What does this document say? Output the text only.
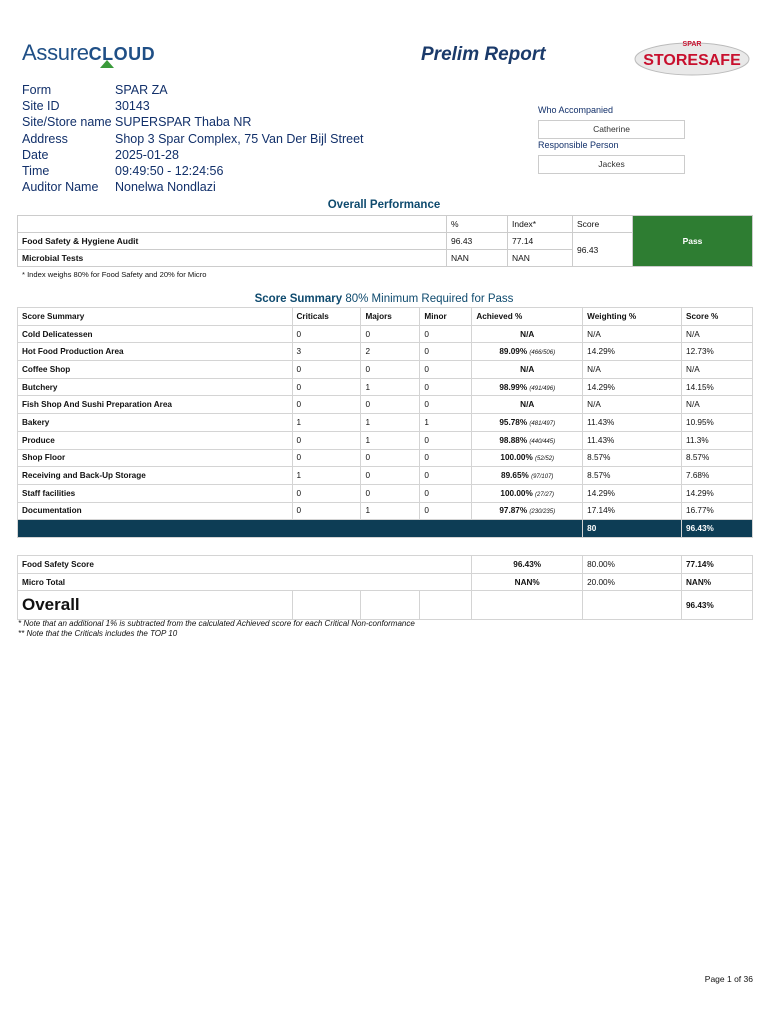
AssureCLOUD	Prelim Report	SPAR
STORESAFE
Form	SPAR ZA
Site ID	30143
Site/Store name	SUPERSPAR Thaba NR
Address	Shop 3 Spar Complex, 75 Van Der Bijl Street
Date	2025-01-28
Time	09:49:50 - 12:24:56
Auditor Name	Nonelwa Nondlazi
Who Accompanied
Catherine
Responsible Person
Jackes
Overall Performance
	%	Index*	Score	Pass
Food Safety & Hygiene Audit	96.43	77.14	96.43	
Microbial Tests	NAN	NAN		
* Index weighs 80% for Food Safety and 20% for Micro
Score Summary 80% Minimum Required for Pass
Score Summary	Criticals	Majors	Minor	Achieved %	Weighting %	Score %
Cold Delicatessen	0	0	0	N/A	N/A	N/A
Hot Food Production Area	3	2	0	89.09% (466/506)	14.29%	12.73%
Coffee Shop	0	0	0	N/A	N/A	N/A
Butchery	0	1	0	98.99% (491/496)	14.29%	14.15%
Fish Shop And Sushi Preparation Area	0	0	0	N/A	N/A	N/A
Bakery	1	1	1	95.78% (481/497)	11.43%	10.95%
Produce	0	1	0	98.88% (440/445)	11.43%	11.3%
Shop Floor	0	0	0	100.00% (52/52)	8.57%	8.57%
Receiving and Back-Up Storage	1	0	0	89.65% (97/107)	8.57%	7.68%
Staff facilities	0	0	0	100.00% (27/27)	14.29%	14.29%
Documentation	0	1	0	97.87% (230/235)	17.14%	16.77%
					80	96.43%
Food Safety Score				96.43%	80.00%	77.14%
Micro Total				NAN%	20.00%	NAN%
Overall						96.43%
* Note that an additional 1% is subtracted from the calculated Achieved score for each Critical Non-conformance
** Note that the Criticals includes the TOP 10
Page 1 of 36
